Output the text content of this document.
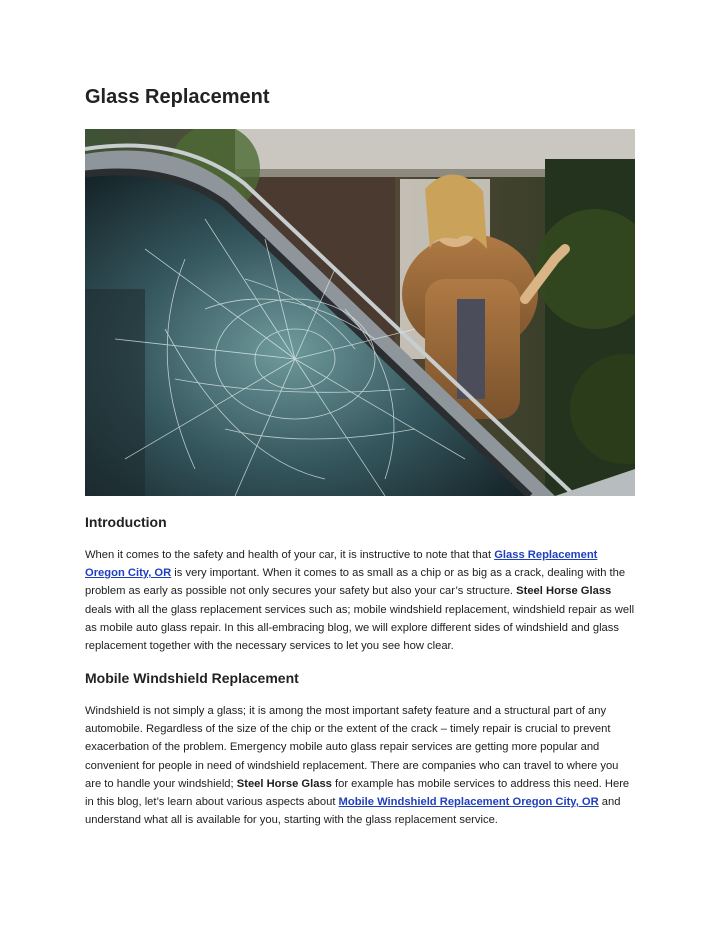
Glass Replacement
Introduction

When it comes to the safety and health of your car, it is instructive to note that that Glass Replacement Oregon City, OR is very important. When it comes to as small as a chip or as big as a crack, dealing with the problem as early as possible not only secures your safety but also your car’s structure. Steel Horse Glass deals with all the glass replacement services such as; mobile windshield replacement, windshield repair as well as mobile auto glass repair. In this all-embracing blog, we will explore different sides of windshield and glass replacement together with the necessary services to let you see how clear.

Mobile Windshield Replacement

Windshield is not simply a glass; it is among the most important safety feature and a structural part of any automobile. Regardless of the size of the chip or the extent of the crack – timely repair is crucial to prevent exacerbation of the problem. Emergency mobile auto glass repair services are getting more popular and convenient for people in need of windshield replacement. There are companies who can travel to where you are to handle your windshield; Steel Horse Glass for example has mobile services to address this need. Here in this blog, let’s learn about various aspects about Mobile Windshield Replacement Oregon City, OR and understand what all is available for you, starting with the glass replacement service.
